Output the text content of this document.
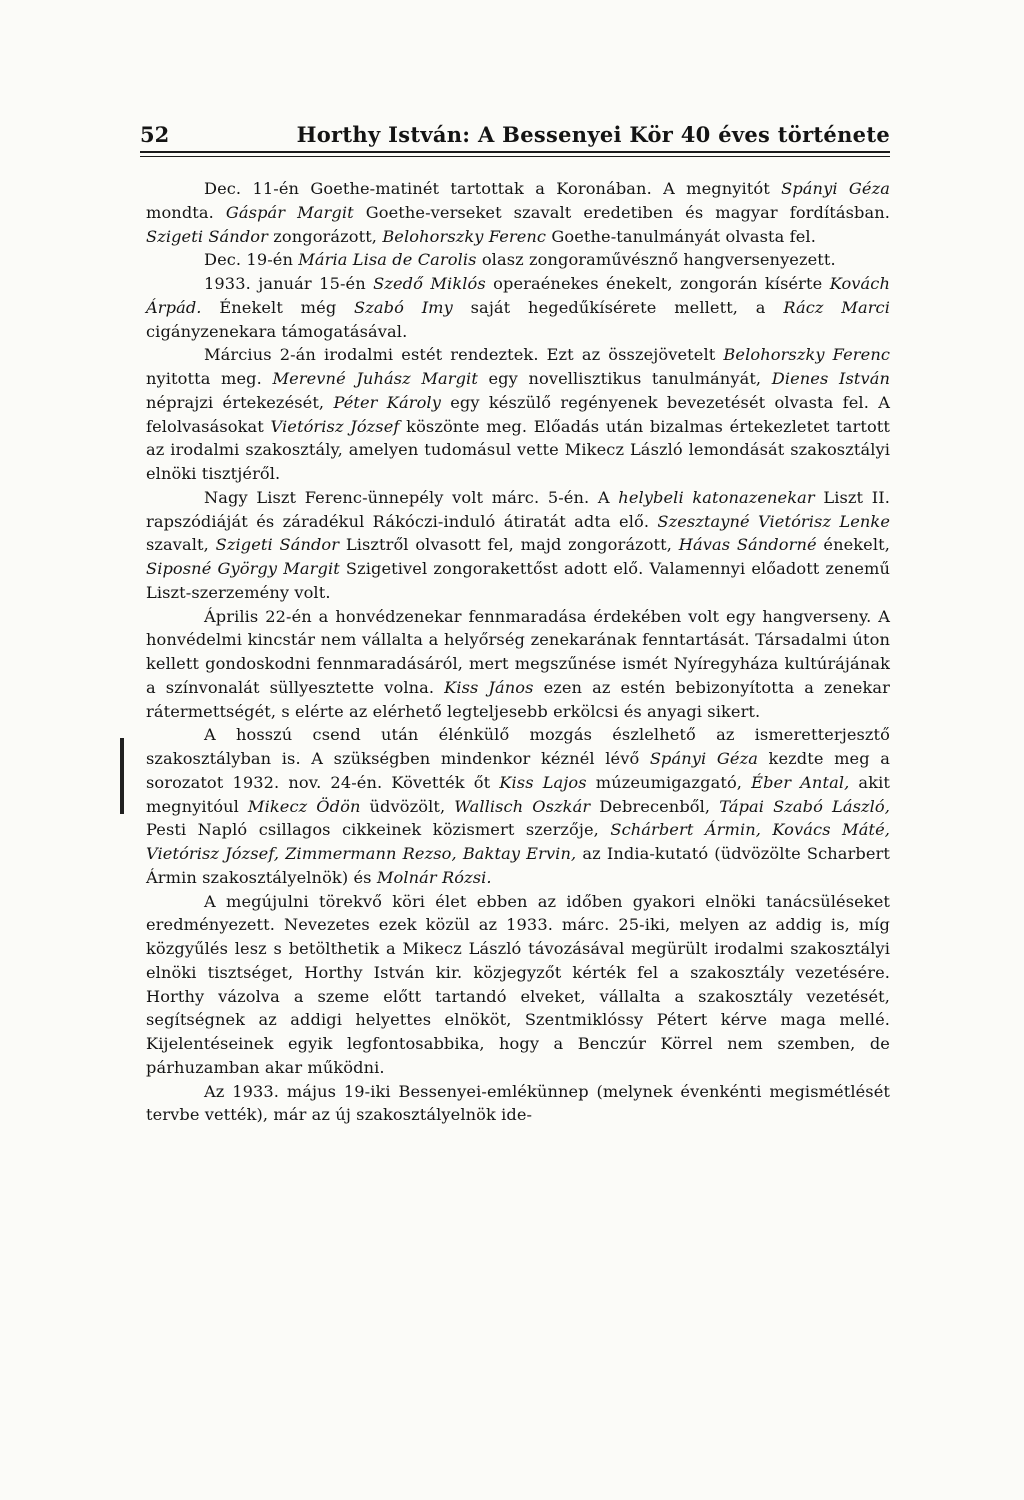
52	Horthy István: A Bessenyei Kör 40 éves története

Dec. 11-én Goethe-matinét tartottak a Koronában. A megnyitót Spányi Géza mondta. Gáspár Margit Goethe-verseket szavalt eredetiben és magyar fordításban. Szigeti Sándor zongorázott, Belohorszky Ferenc Goethe-tanulmányát olvasta fel.

Dec. 19-én Mária Lisa de Carolis olasz zongoraművésznő hangversenyezett.

1933. január 15-én Szedő Miklós operaénekes énekelt, zongorán kísérte Kovách Árpád. Énekelt még Szabó Imy saját hegedűkísérete mellett, a Rácz Marci cigányzenekara támogatásával.

Március 2-án irodalmi estét rendeztek. Ezt az összejövetelt Belohorszky Ferenc nyitotta meg. Merevné Juhász Margit egy novellisztikus tanulmányát, Dienes István néprajzi értekezését, Péter Károly egy készülő regényenek bevezetését olvasta fel. A felolvasásokat Vietórisz József köszönte meg. Előadás után bizalmas értekezletet tartott az irodalmi szakosztály, amelyen tudomásul vette Mikecz László lemondását szakosztályi elnöki tisztjéről.

Nagy Liszt Ferenc-ünnepély volt márc. 5-én. A helybeli katonazenekar Liszt II. rapszódiáját és záradékul Rákóczi-induló átiratát adta elő. Szesztayné Vietórisz Lenke szavalt, Szigeti Sándor Lisztről olvasott fel, majd zongorázott, Hávas Sándorné énekelt, Siposné György Margit Szigetivel zongorakettőst adott elő. Valamennyi előadott zenemű Liszt-szerzemény volt.

Április 22-én a honvédzenekar fennmaradása érdekében volt egy hangverseny. A honvédelmi kincstár nem vállalta a helyőrség zenekarának fenntartását. Társadalmi úton kellett gondoskodni fennmaradásáról, mert megszűnése ismét Nyíregyháza kultúrájának a színvonalát süllyesztette volna. Kiss János ezen az estén bebizonyította a zenekar rátermettségét, s elérte az elérhető legteljesebb erkölcsi és anyagi sikert.

A hosszú csend után élénkülő mozgás észlelhető az ismeretterjesztő szakosztályban is. A szükségben mindenkor kéznél lévő Spányi Géza kezdte meg a sorozatot 1932. nov. 24-én. Követték őt Kiss Lajos múzeumigazgató, Éber Antal, akit megnyitóul Mikecz Ödön üdvözölt, Wallisch Oszkár Debrecenből, Tápai Szabó László, Pesti Napló csillagos cikkeinek közismert szerzője, Schárbert Ármin, Kovács Máté, Vietórisz József, Zimmermann Rezso, Baktay Ervin, az India-kutató (üdvözölte Scharbert Ármin szakosztályelnök) és Molnár Rózsi.

A megújulni törekvő köri élet ebben az időben gyakori elnöki tanácsüléseket eredményezett. Nevezetes ezek közül az 1933. márc. 25-iki, melyen az addig is, míg közgyűlés lesz s betölthetik a Mikecz László távozásával megürült irodalmi szakosztályi elnöki tisztséget, Horthy István kir. közjegyzőt kérték fel a szakosztály vezetésére. Horthy vázolva a szeme előtt tartandó elveket, vállalta a szakosztály vezetését, segítségnek az addigi helyettes elnököt, Szentmiklóssy Pétert kérve maga mellé. Kijelentéseinek egyik legfontosabbika, hogy a Benczúr Körrel nem szemben, de párhuzamban akar működni.

Az 1933. május 19-iki Bessenyei-emlékünnep (melynek évenkénti megismétlését tervbe vették), már az új szakosztályelnök ide-
